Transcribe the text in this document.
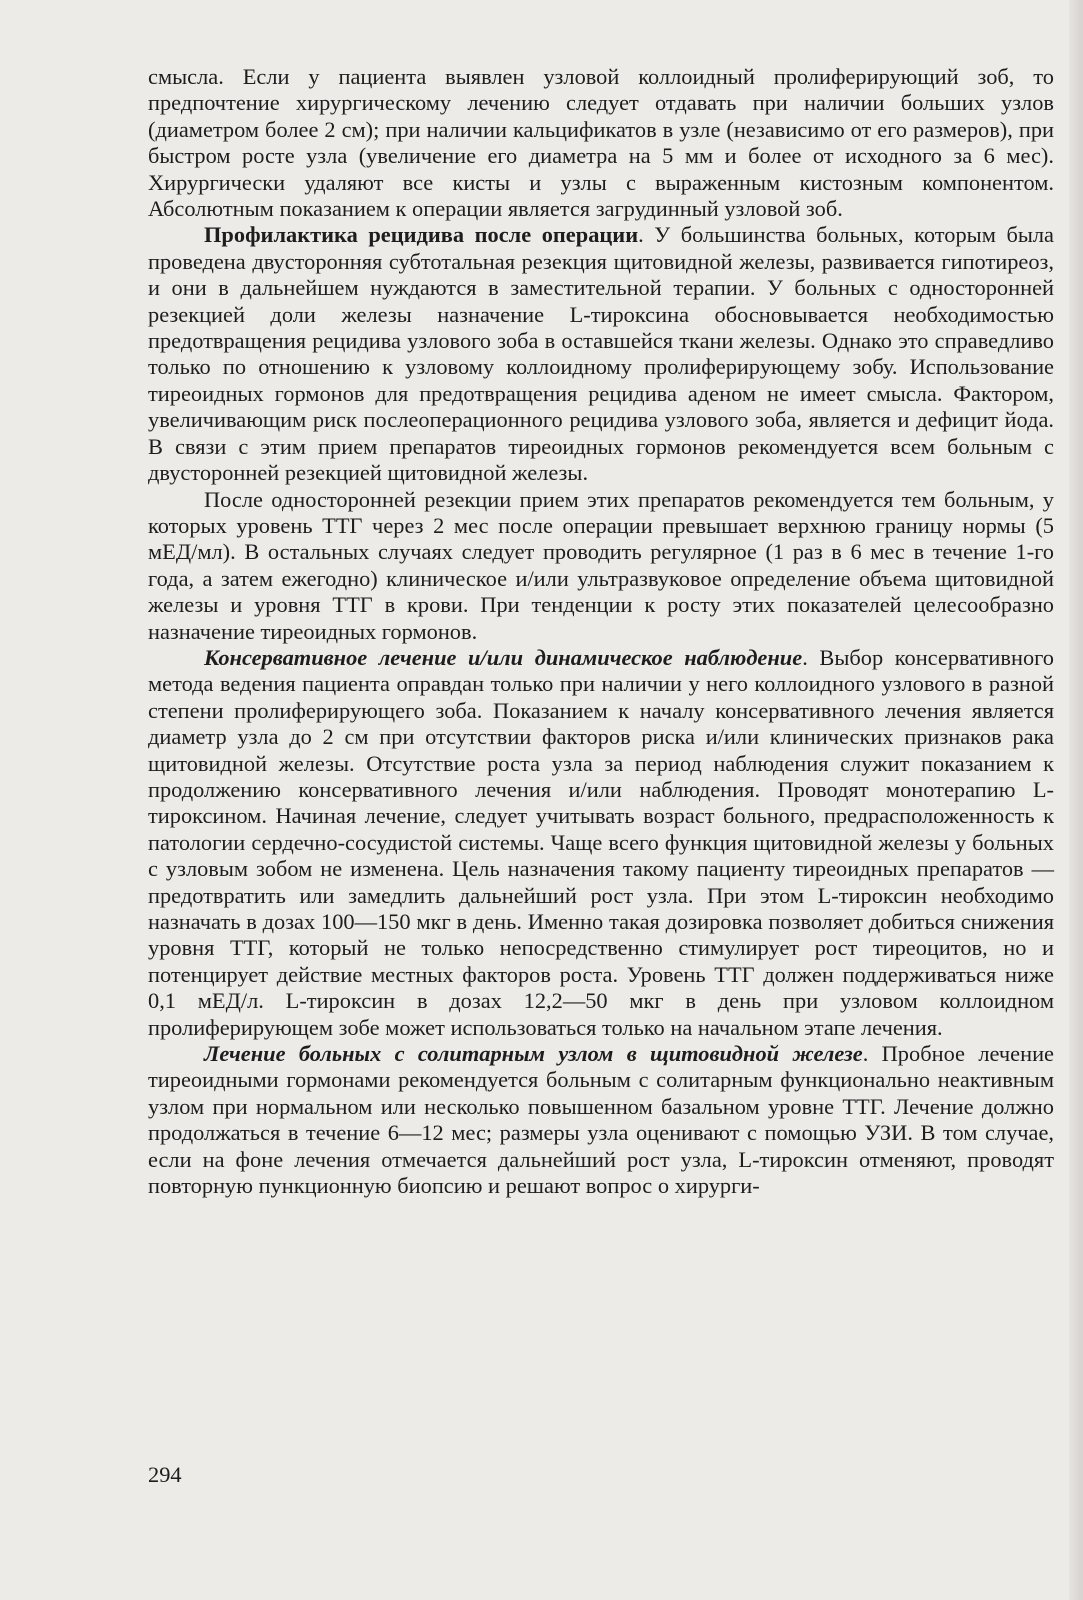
смысла. Если у пациента выявлен узловой коллоидный пролиферирующий зоб, то предпочтение хирургическому лечению следует отдавать при наличии больших узлов (диаметром более 2 см); при наличии кальцификатов в узле (независимо от его размеров), при быстром росте узла (увеличение его диаметра на 5 мм и более от исходного за 6 мес). Хирургически удаляют все кисты и узлы с выраженным кистозным компонентом. Абсолютным показанием к операции является загрудинный узловой зоб.

Профилактика рецидива после операции. У большинства больных, которым была проведена двусторонняя субтотальная резекция щитовидной железы, развивается гипотиреоз, и они в дальнейшем нуждаются в заместительной терапии. У больных с односторонней резекцией доли железы назначение L-тироксина обосновывается необходимостью предотвращения рецидива узлового зоба в оставшейся ткани железы. Однако это справедливо только по отношению к узловому коллоидному пролиферирующему зобу. Использование тиреоидных гормонов для предотвращения рецидива аденом не имеет смысла. Фактором, увеличивающим риск послеоперационного рецидива узлового зоба, является и дефицит йода. В связи с этим прием препаратов тиреоидных гормонов рекомендуется всем больным с двусторонней резекцией щитовидной железы.

После односторонней резекции прием этих препаратов рекомендуется тем больным, у которых уровень ТТГ через 2 мес после операции превышает верхнюю границу нормы (5 мЕД/мл). В остальных случаях следует проводить регулярное (1 раз в 6 мес в течение 1-го года, а затем ежегодно) клиническое и/или ультразвуковое определение объема щитовидной железы и уровня ТТГ в крови. При тенденции к росту этих показателей целесообразно назначение тиреоидных гормонов.

Консервативное лечение и/или динамическое наблюдение. Выбор консервативного метода ведения пациента оправдан только при наличии у него коллоидного узлового в разной степени пролиферирующего зоба. Показанием к началу консервативного лечения является диаметр узла до 2 см при отсутствии факторов риска и/или клинических признаков рака щитовидной железы. Отсутствие роста узла за период наблюдения служит показанием к продолжению консервативного лечения и/или наблюдения. Проводят монотерапию L-тироксином. Начиная лечение, следует учитывать возраст больного, предрасположенность к патологии сердечно-сосудистой системы. Чаще всего функция щитовидной железы у больных с узловым зобом не изменена. Цель назначения такому пациенту тиреоидных препаратов — предотвратить или замедлить дальнейший рост узла. При этом L-тироксин необходимо назначать в дозах 100—150 мкг в день. Именно такая дозировка позволяет добиться снижения уровня ТТГ, который не только непосредственно стимулирует рост тиреоцитов, но и потенцирует действие местных факторов роста. Уровень ТТГ должен поддерживаться ниже 0,1 мЕД/л. L-тироксин в дозах 12,2—50 мкг в день при узловом коллоидном пролиферирующем зобе может использоваться только на начальном этапе лечения.

Лечение больных с солитарным узлом в щитовидной железе. Пробное лечение тиреоидными гормонами рекомендуется больным с солитарным функционально неактивным узлом при нормальном или несколько повышенном базальном уровне ТТГ. Лечение должно продолжаться в течение 6—12 мес; размеры узла оценивают с помощью УЗИ. В том случае, если на фоне лечения отмечается дальнейший рост узла, L-тироксин отменяют, проводят повторную пункционную биопсию и решают вопрос о хирурги-

294
